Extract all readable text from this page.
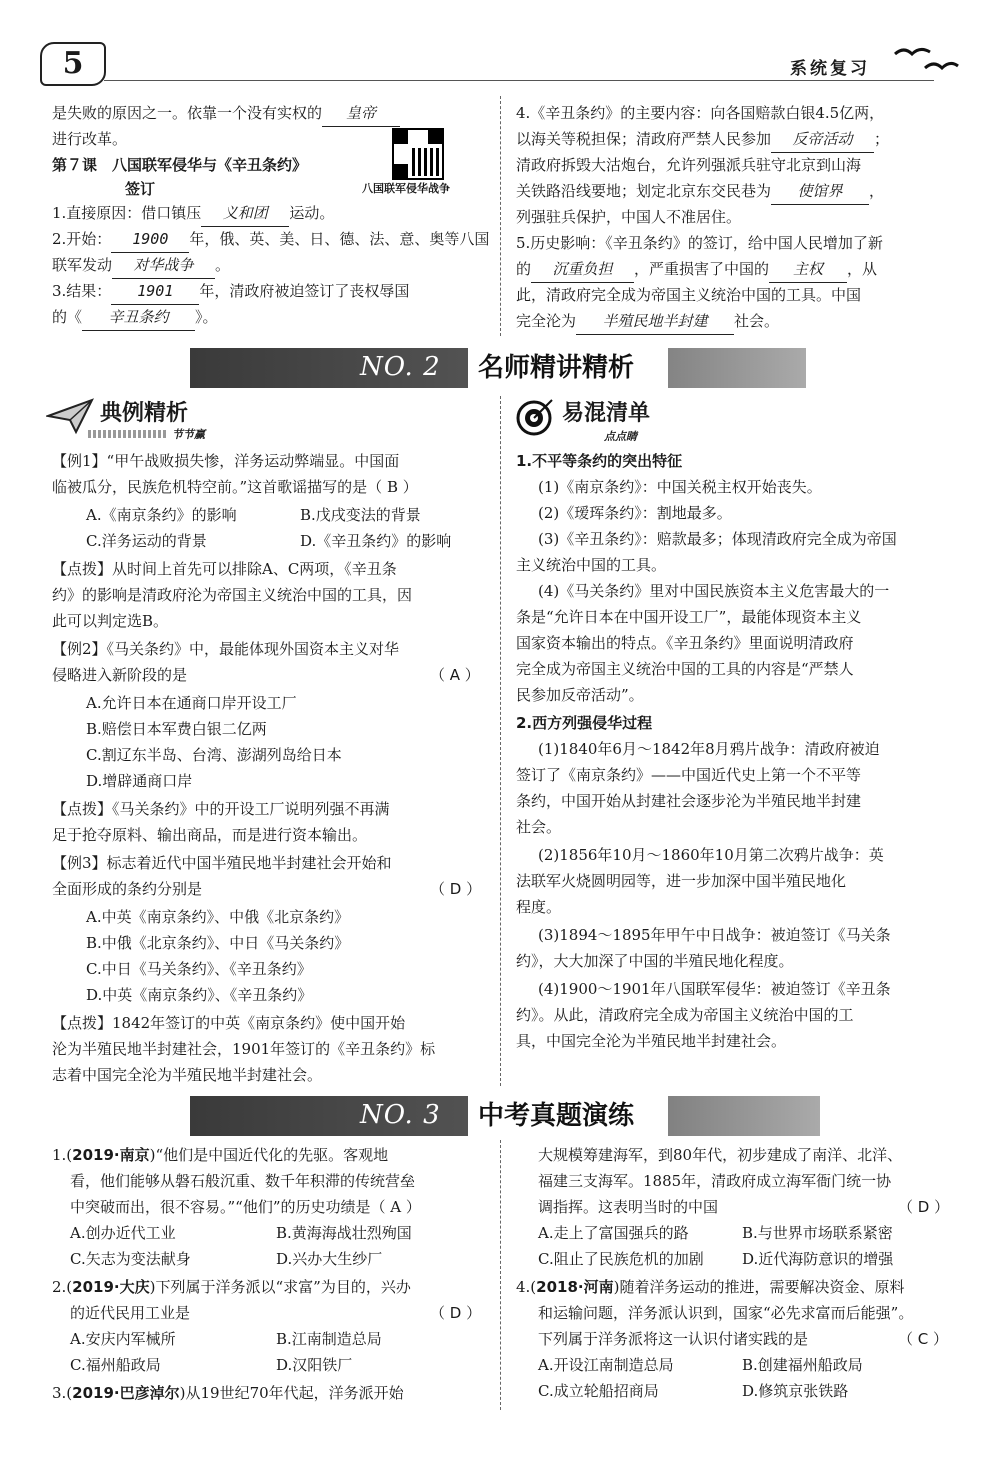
5	系统复习
是失败的原因之一。依靠一个没有实权的 皇帝
进行改革。
第７课　八国联军侵华与《辛丑条约》
签订	八国联军侵华战争
1.直接原因：借口镇压 义和团 运动。
2.开始： 1900 年，俄、英、美、日、德、法、意、奥等八国
联军发动 对华战争 。
3.结果： 1901 年，清政府被迫签订了丧权辱国
的《 辛丑条约 》。
4.《辛丑条约》的主要内容：向各国赔款白银4.5亿两，
以海关等税担保；清政府严禁人民参加 反帝活动 ；
清政府拆毁大沽炮台，允许列强派兵驻守北京到山海
关铁路沿线要地；划定北京东交民巷为 使馆界 ，
列强驻兵保护，中国人不准居住。
5.历史影响：《辛丑条约》的签订，给中国人民增加了新
的 沉重负担 ，严重损害了中国的 主权 ，从
此，清政府完全成为帝国主义统治中国的工具。中国
完全沦为 半殖民地半封建 社会。
NO. 2	名师精讲精析
典例精析
节节赢
【例1】“甲午战败损失惨，洋务运动弊端显。中国面
临被瓜分，民族危机特空前。”这首歌谣描写的是（ B ）
A.《南京条约》的影响	B.戊戌变法的背景
C.洋务运动的背景	D.《辛丑条约》的影响
【点拨】从时间上首先可以排除A、C两项，《辛丑条
约》的影响是清政府沦为帝国主义统治中国的工具，因
此可以判定选B。
【例2】《马关条约》中，最能体现外国资本主义对华
侵略进入新阶段的是	（ A ）
A.允许日本在通商口岸开设工厂
B.赔偿日本军费白银二亿两
C.割辽东半岛、台湾、澎湖列岛给日本
D.增辟通商口岸
【点拨】《马关条约》中的开设工厂说明列强不再满
足于抢夺原料、输出商品，而是进行资本输出。
【例3】标志着近代中国半殖民地半封建社会开始和
全面形成的条约分别是	（ D ）
A.中英《南京条约》、中俄《北京条约》
B.中俄《北京条约》、中日《马关条约》
C.中日《马关条约》、《辛丑条约》
D.中英《南京条约》、《辛丑条约》
【点拨】1842年签订的中英《南京条约》使中国开始
沦为半殖民地半封建社会，1901年签订的《辛丑条约》标
志着中国完全沦为半殖民地半封建社会。
易混清单
点点睛
1.不平等条约的突出特征
(1)《南京条约》：中国关税主权开始丧失。
(2)《瑷珲条约》：割地最多。
(3)《辛丑条约》：赔款最多；体现清政府完全成为帝国
主义统治中国的工具。
(4)《马关条约》里对中国民族资本主义危害最大的一
条是“允许日本在中国开设工厂”，最能体现资本主义
国家资本输出的特点。《辛丑条约》里面说明清政府
完全成为帝国主义统治中国的工具的内容是“严禁人
民参加反帝活动”。
2.西方列强侵华过程
(1)1840年6月～1842年8月鸦片战争：清政府被迫
签订了《南京条约》——中国近代史上第一个不平等
条约，中国开始从封建社会逐步沦为半殖民地半封建
社会。
(2)1856年10月～1860年10月第二次鸦片战争：英
法联军火烧圆明园等，进一步加深中国半殖民地化
程度。
(3)1894～1895年甲午中日战争：被迫签订《马关条
约》，大大加深了中国的半殖民地化程度。
(4)1900～1901年八国联军侵华：被迫签订《辛丑条
约》。从此，清政府完全成为帝国主义统治中国的工
具，中国完全沦为半殖民地半封建社会。
NO. 3	中考真题演练
1.(2019·南京)“他们是中国近代化的先驱。客观地
看，他们能够从磐石般沉重、数千年积滞的传统营垒
中突破而出，很不容易。”“他们”的历史功绩是（ A ）
A.创办近代工业	B.黄海海战壮烈殉国
C.矢志为变法献身	D.兴办大生纱厂
2.(2019·大庆)下列属于洋务派以“求富”为目的，兴办
的近代民用工业是	（ D ）
A.安庆内军械所	B.江南制造总局
C.福州船政局	D.汉阳铁厂
3.(2019·巴彦淖尔)从19世纪70年代起，洋务派开始
大规模筹建海军，到80年代，初步建成了南洋、北洋、
福建三支海军。1885年，清政府成立海军衙门统一协
调指挥。这表明当时的中国	（ D ）
A.走上了富国强兵的路	B.与世界市场联系紧密
C.阻止了民族危机的加剧	D.近代海防意识的增强
4.(2018·河南)随着洋务运动的推进，需要解决资金、原料
和运输问题，洋务派认识到，国家“必先求富而后能强”。
下列属于洋务派将这一认识付诸实践的是	（ C ）
A.开设江南制造总局	B.创建福州船政局
C.成立轮船招商局	D.修筑京张铁路
